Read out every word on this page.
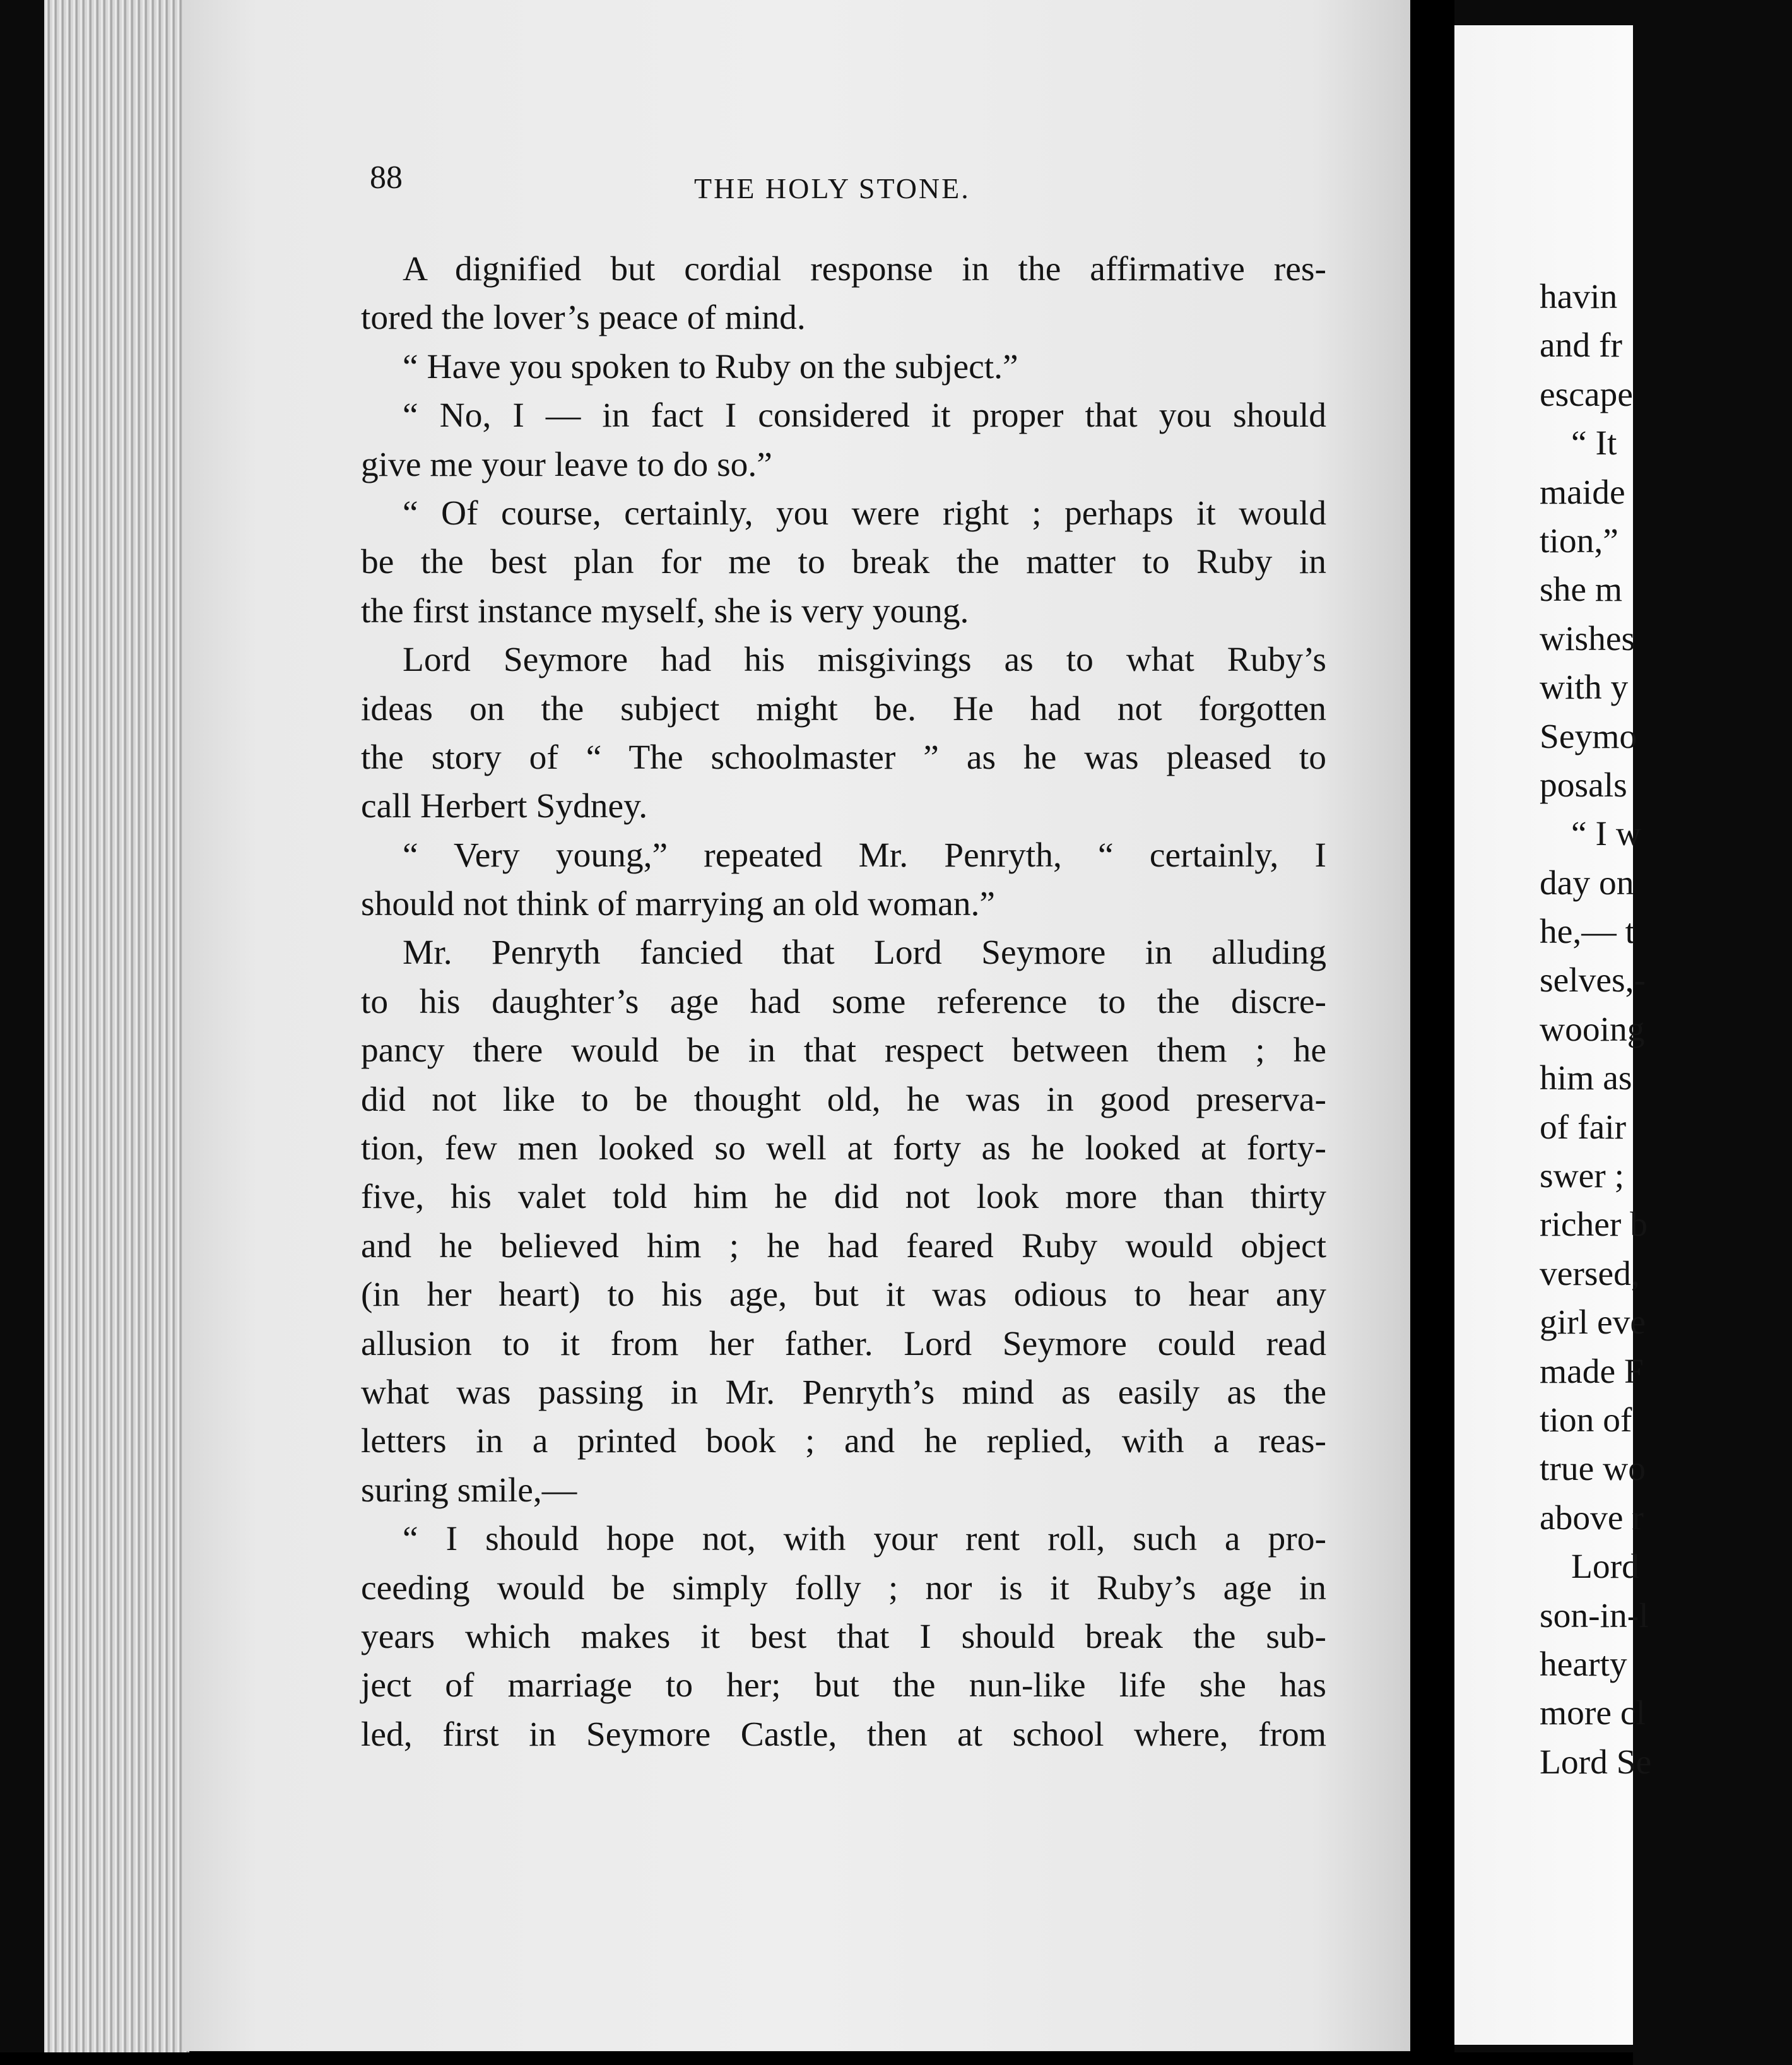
havin
and fr
escape
“ It
maide
tion,”
she m
wishes
with y
Seymo
posals
“ I w
day on
he,— t
selves,-
wooing
him as
of fair
swer ;
richer b
versed,
girl eve
made F
tion of
true wo
above r
Lord
son-in-l
hearty
more cl
Lord Se
88	THE HOLY STONE.
A dignified but cordial response in the affirmative res-
tored the lover’s peace of mind.
“ Have you spoken to Ruby on the subject.”
“ No, I — in fact I considered it proper that you should
give me your leave to do so.”
“ Of course, certainly, you were right ; perhaps it would
be the best plan for me to break the matter to Ruby in
the first instance myself, she is very young.
Lord Seymore had his misgivings as to what Ruby’s
ideas on the subject might be. He had not forgotten
the story of “ The schoolmaster ” as he was pleased to
call Herbert Sydney.
“ Very young,” repeated Mr. Penryth, “ certainly, I
should not think of marrying an old woman.”
Mr. Penryth fancied that Lord Seymore in alluding
to his daughter’s age had some reference to the discre-
pancy there would be in that respect between them ; he
did not like to be thought old, he was in good preserva-
tion, few men looked so well at forty as he looked at forty-
five, his valet told him he did not look more than thirty
and he believed him ; he had feared Ruby would object
(in her heart) to his age, but it was odious to hear any
allusion to it from her father. Lord Seymore could read
what was passing in Mr. Penryth’s mind as easily as the
letters in a printed book ; and he replied, with a reas-
suring smile,—
“ I should hope not, with your rent roll, such a pro-
ceeding would be simply folly ; nor is it Ruby’s age in
years which makes it best that I should break the sub-
ject of marriage to her; but the nun-like life she has
led, first in Seymore Castle, then at school where, from
